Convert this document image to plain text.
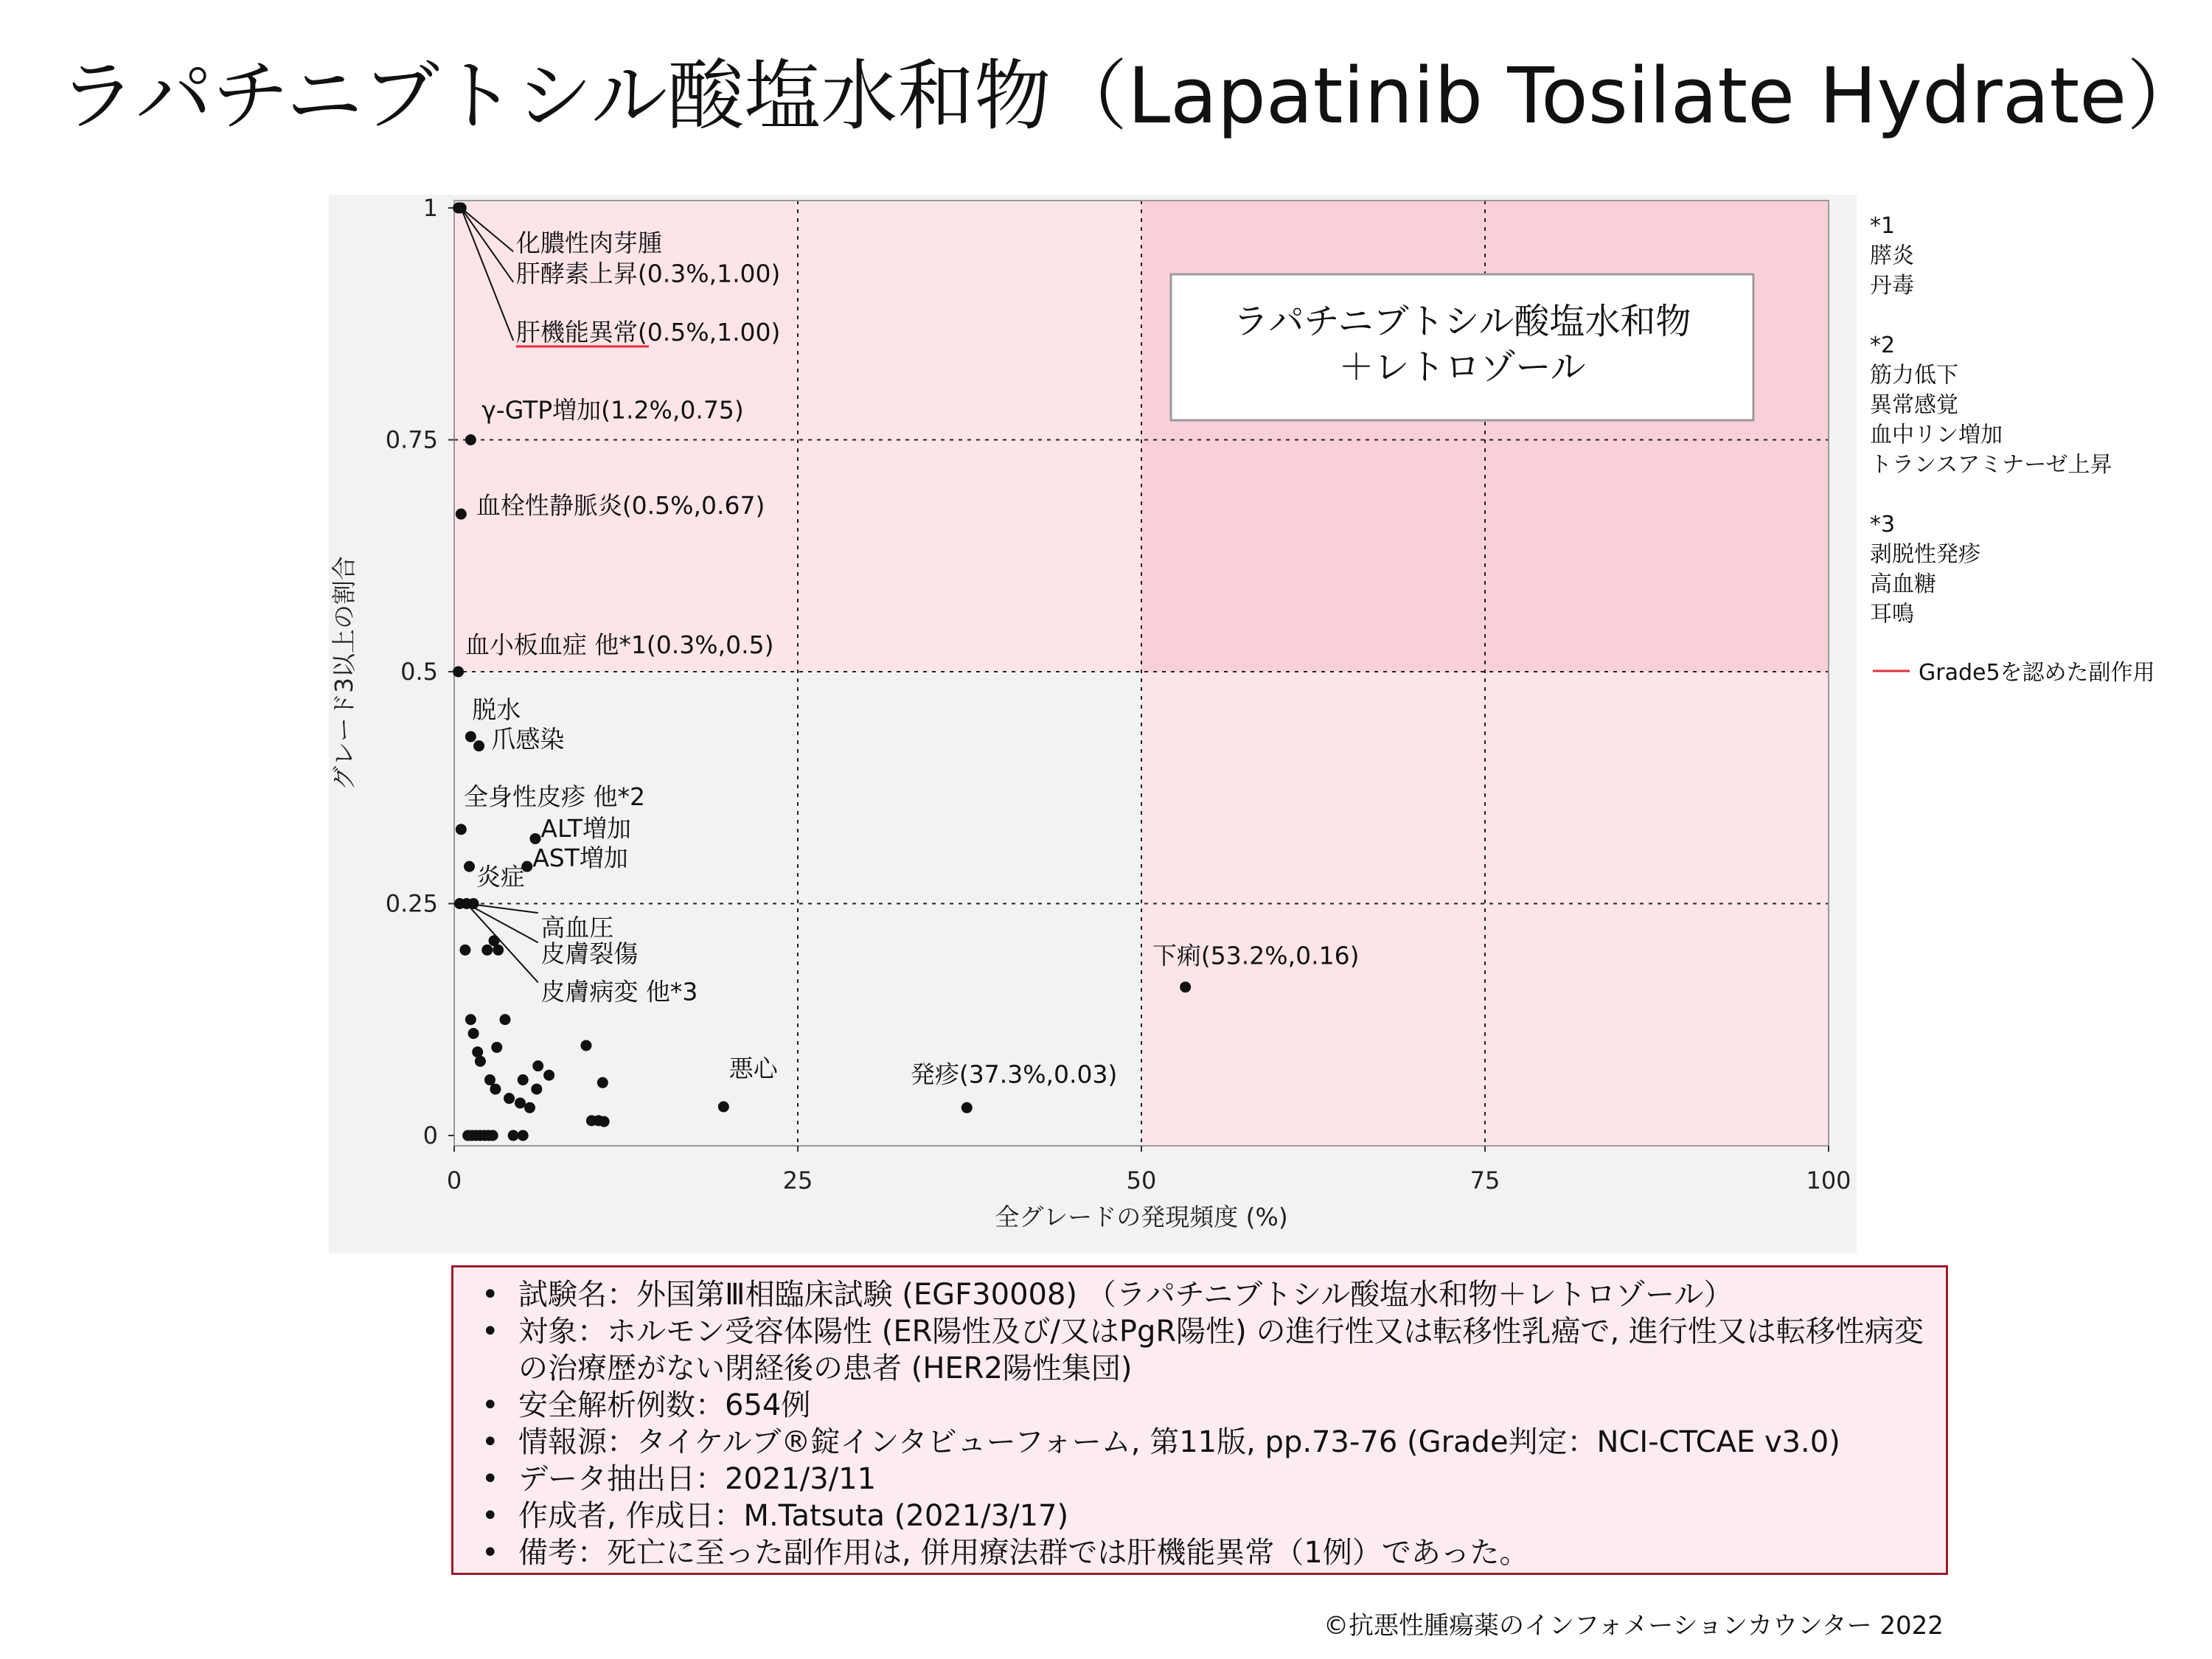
ラパチニブトシル酸塩水和物（Lapatinib Tosilate Hydrate）
0	25	50	75	100
0
0.25
0.5
0.75
1
化膿性肉芽腫
肝酵素上昇(0.3%,1.00)
肝機能異常(0.5%,1.00)
γ-GTP増加(1.2%,0.75)
血栓性静脈炎(0.5%,0.67)
血小板血症 他*1(0.3%,0.5)
脱水
爪感染
全身性皮疹 他*2
ALT増加
AST増加
炎症
高血圧
皮膚裂傷
皮膚病変 他*3
悪心	発疹(37.3%,0.03)
下痢(53.2%,0.16)
グレード3以上の割合
全グレードの発現頻度 (%)
ラパチニブトシル酸塩水和物＋レトロゾール
*1
膵炎
丹毒
*2
筋力低下
異常感覚
血中リン増加
トランスアミナーゼ上昇
*3
剥脱性発疹
高血糖
耳鳴
Grade5を認めた副作用
• 試験名：外国第Ⅲ相臨床試験 (EGF30008) （ラパチニブトシル酸塩水和物＋レトロゾール）
• 対象：ホルモン受容体陽性 (ER陽性及び/又はPgR陽性) の進行性又は転移性乳癌で, 進行性又は転移性病変の治療歴がない閉経後の患者 (HER2陽性集団)
• 安全解析例数：654例
• 情報源：タイケルブ®錠インタビューフォーム, 第11版, pp.73-76 (Grade判定：NCI-CTCAE v3.0)
• データ抽出日：2021/3/11
• 作成者, 作成日：M.Tatsuta (2021/3/17)
• 備考：死亡に至った副作用は, 併用療法群では肝機能異常（1例）であった。
©抗悪性腫瘍薬のインフォメーションカウンター 2022
